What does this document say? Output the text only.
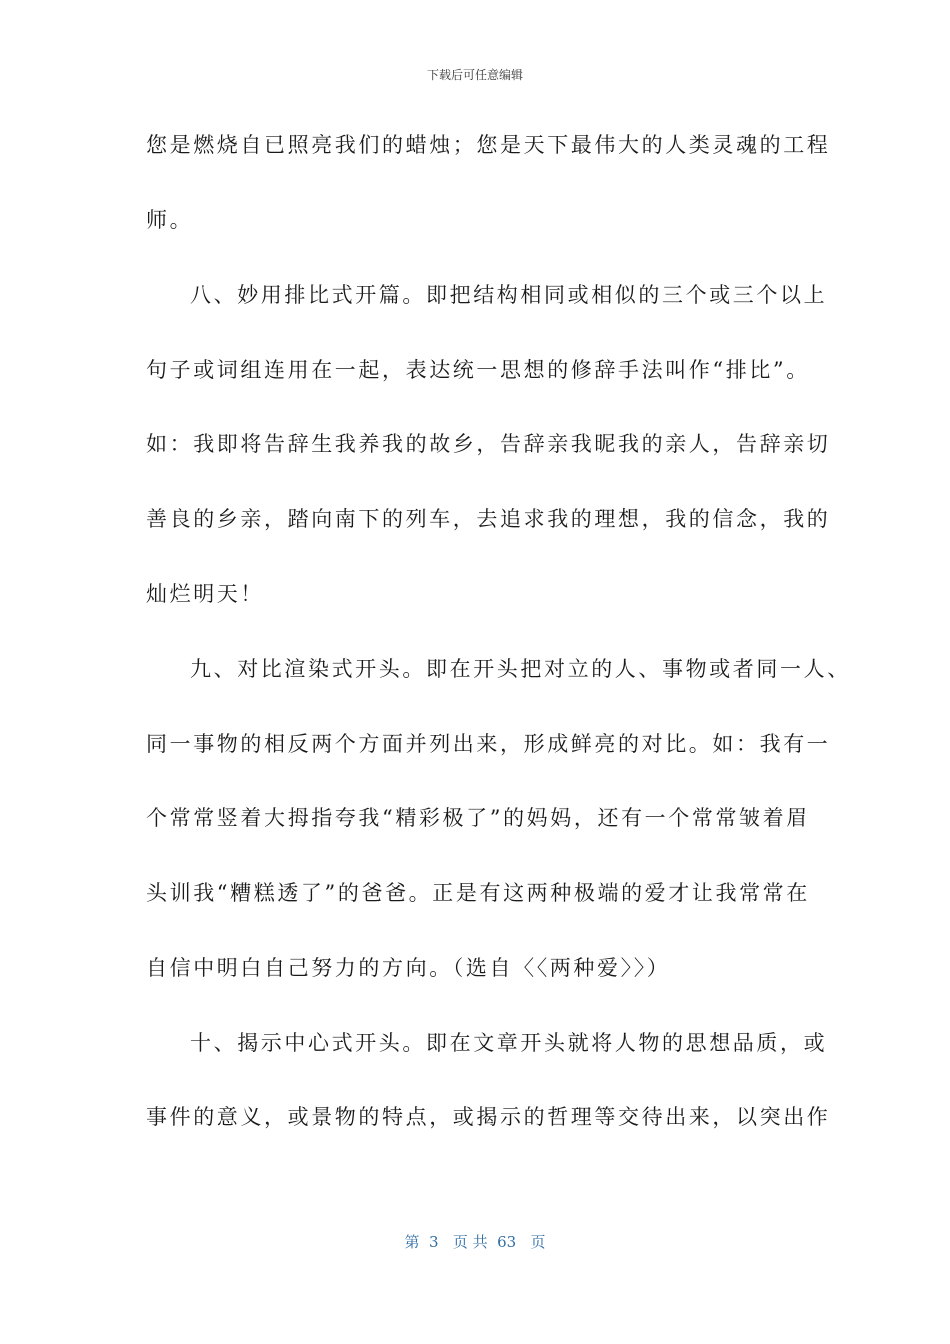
下载后可任意编辑
您是燃烧自已照亮我们的蜡烛；您是天下最伟大的人类灵魂的工程
师。
八、妙用排比式开篇。即把结构相同或相似的三个或三个以上
句子或词组连用在一起，表达统一思想的修辞手法叫作“排比”。
如：我即将告辞生我养我的故乡，告辞亲我昵我的亲人，告辞亲切
善良的乡亲，踏向南下的列车，去追求我的理想，我的信念，我的
灿烂明天！
九、对比渲染式开头。即在开头把对立的人、事物或者同一人、
同一事物的相反两个方面并列出来，形成鲜亮的对比。如：我有一
个常常竖着大拇指夸我“精彩极了”的妈妈，还有一个常常皱着眉
头训我“糟糕透了”的爸爸。正是有这两种极端的爱才让我常常在
自信中明白自己努力的方向。（选自〈〈两种爱〉〉）
十、揭示中心式开头。即在文章开头就将人物的思想品质，或
事件的意义，或景物的特点，或揭示的哲理等交待出来，以突出作
第  3   页 共  63   页
